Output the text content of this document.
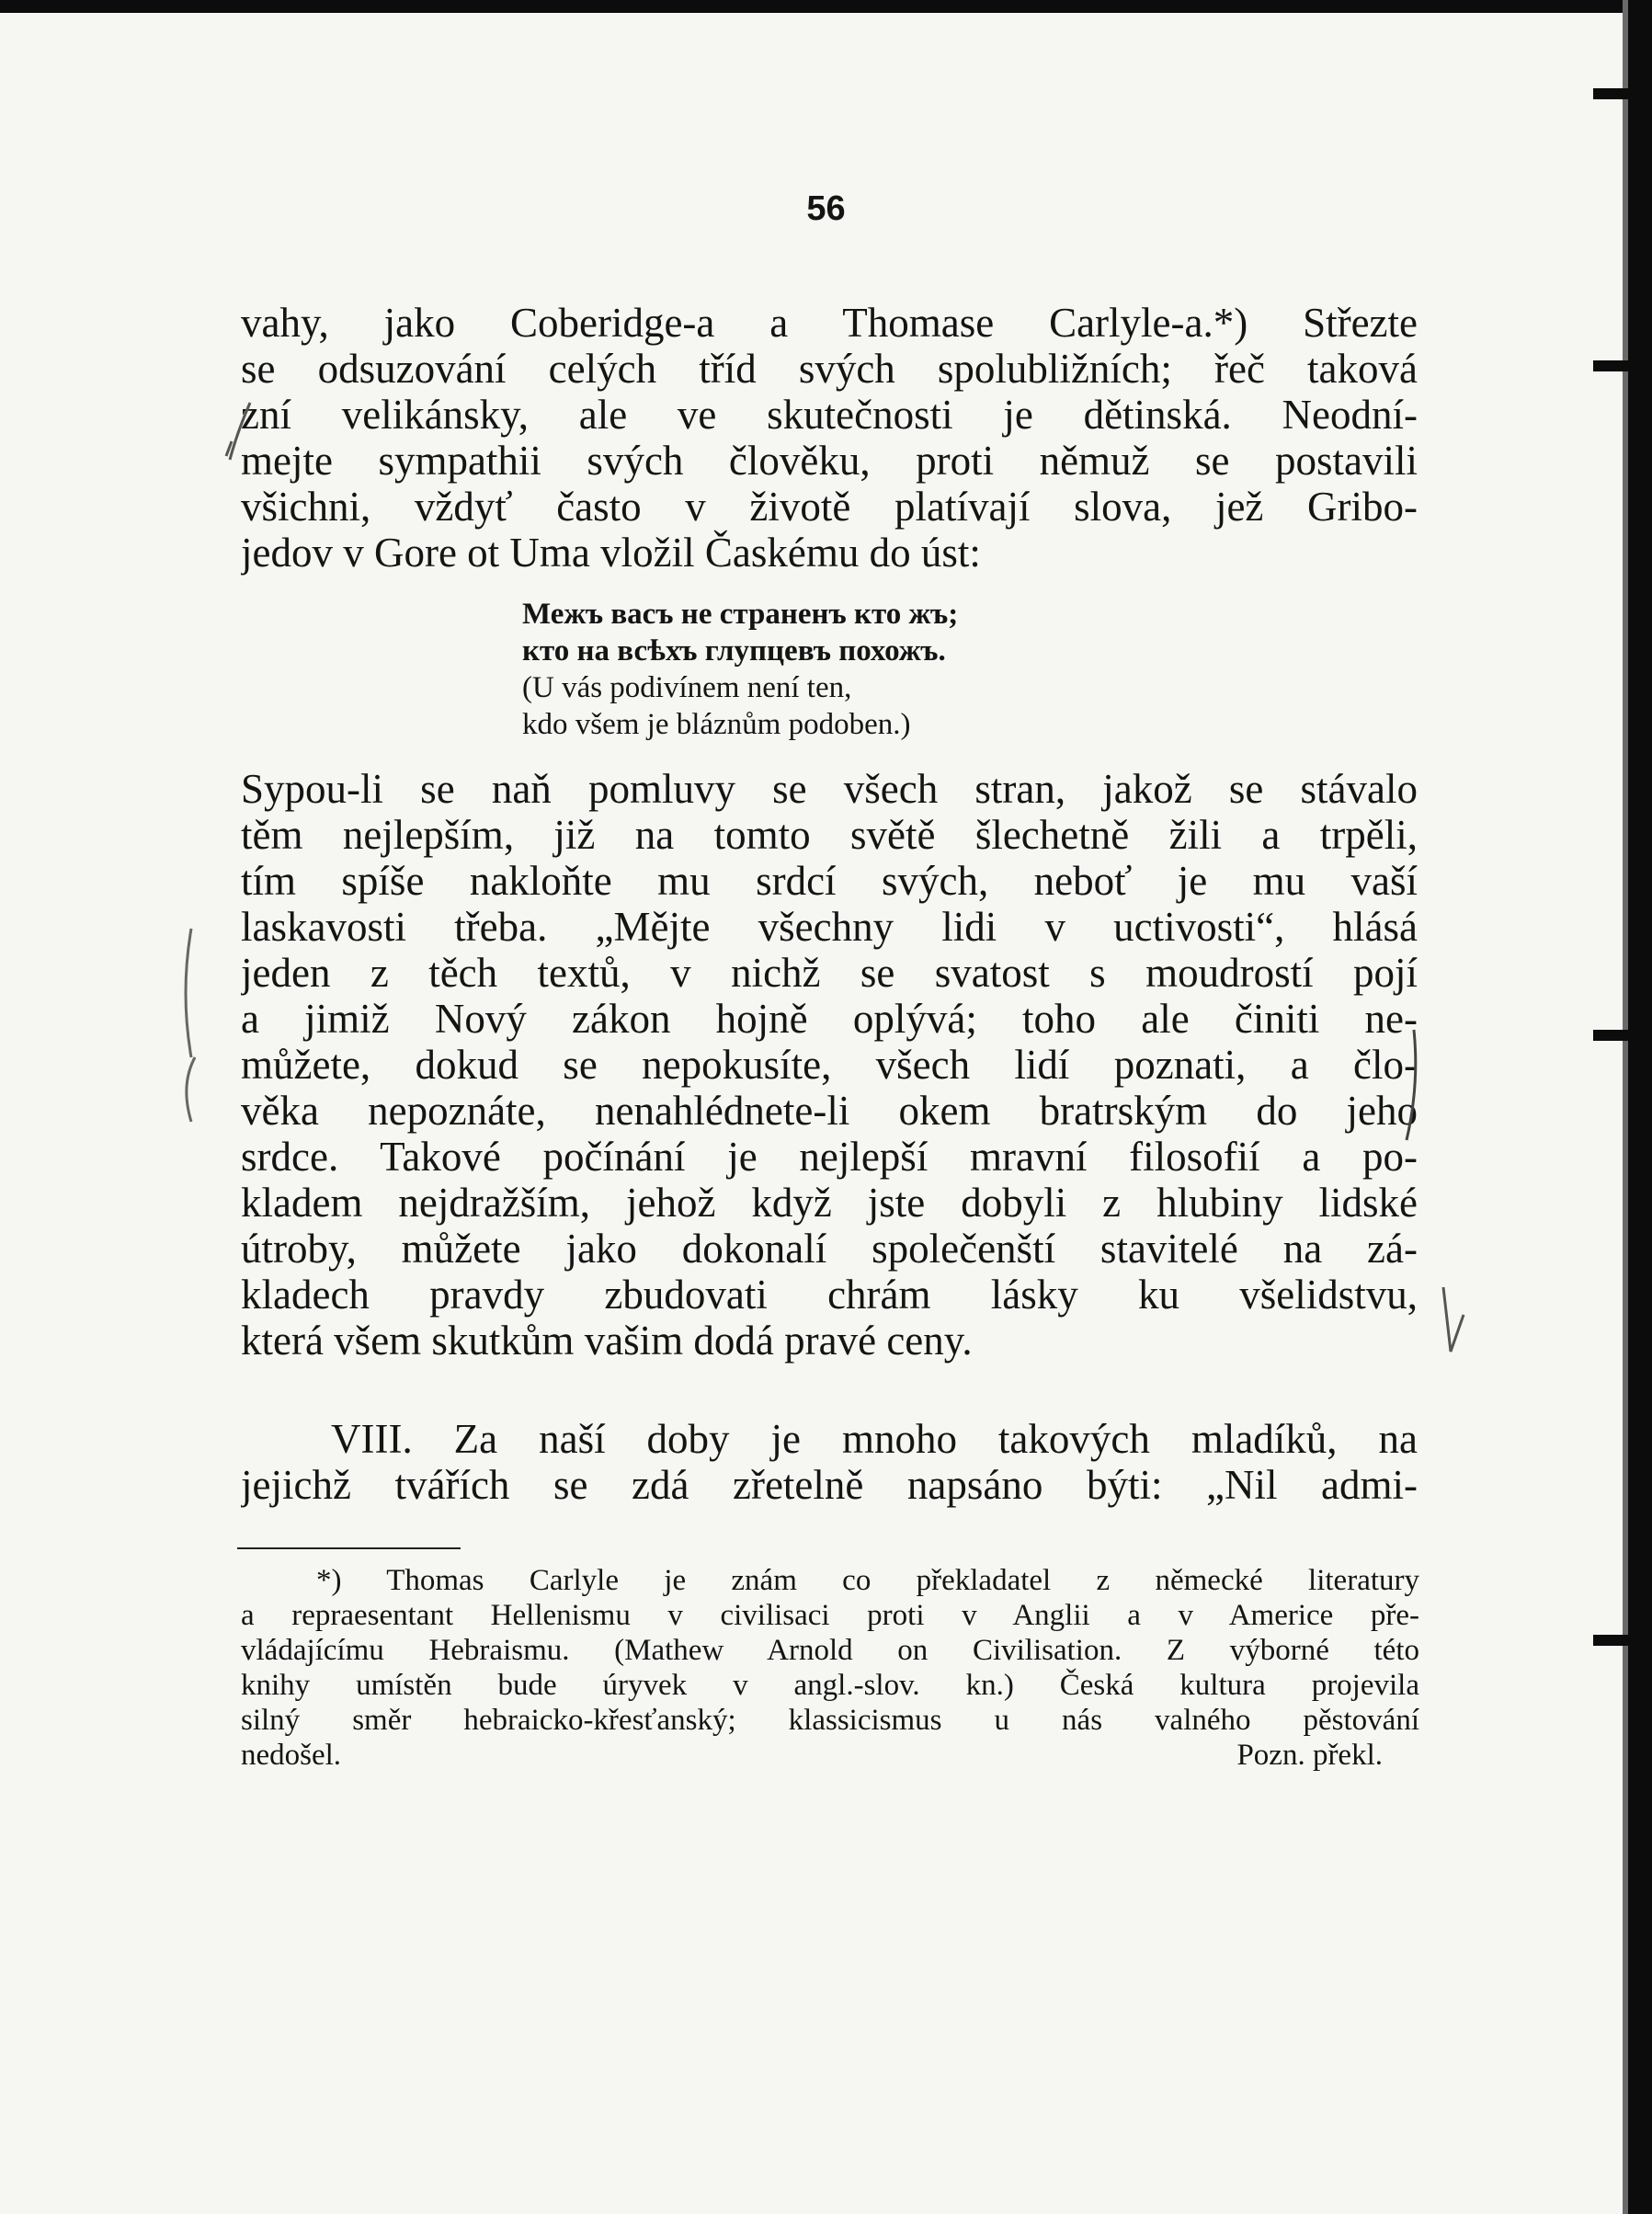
56
vahy, jako Coberidge-a a Thomase Carlyle-a.*) Střezte
se odsuzování celých tříd svých spolubližních; řeč taková
zní velikánsky, ale ve skutečnosti je dětinská. Neodní-
mejte sympathii svých člověku, proti němuž se postavili
všichni, vždyť často v životě platívají slova, jež Gribo-
jedov v Gore ot Uma vložil Časkému do úst:
Межъ васъ не страненъ кто жъ;
кто на всѣхъ глупцевъ похожъ.
(U vás podivínem není ten,
kdo všem je bláznům podoben.)
Sypou-li se naň pomluvy se všech stran, jakož se stávalo
těm nejlepším, již na tomto světě šlechetně žili a trpěli,
tím spíše nakloňte mu srdcí svých, neboť je mu vaší
laskavosti třeba. „Mějte všechny lidi v uctivosti“, hlásá
jeden z těch textů, v nichž se svatost s moudrostí pojí
a jimiž Nový zákon hojně oplývá; toho ale činiti ne-
můžete, dokud se nepokusíte, všech lidí poznati, a člo-
věka nepoznáte, nenahlédnete-li okem bratrským do jeho
srdce. Takové počínání je nejlepší mravní filosofií a po-
kladem nejdražším, jehož když jste dobyli z hlubiny lidské
útroby, můžete jako dokonalí společenští stavitelé na zá-
kladech pravdy zbudovati chrám lásky ku všelidstvu,
která všem skutkům vašim dodá pravé ceny.
VIII. Za naší doby je mnoho takových mladíků, na
jejichž tvářích se zdá zřetelně napsáno býti: „Nil admi-
*) Thomas Carlyle je znám co překladatel z německé literatury
a repraesentant Hellenismu v civilisaci proti v Anglii a v Americe pře-
vládajícímu Hebraismu. (Mathew Arnold on Civilisation. Z výborné této
knihy umístěn bude úryvek v angl.-slov. kn.) Česká kultura projevila
silný směr hebraicko-křesťanský; klassicismus u nás valného pěstování
nedošel.	Pozn. překl.
